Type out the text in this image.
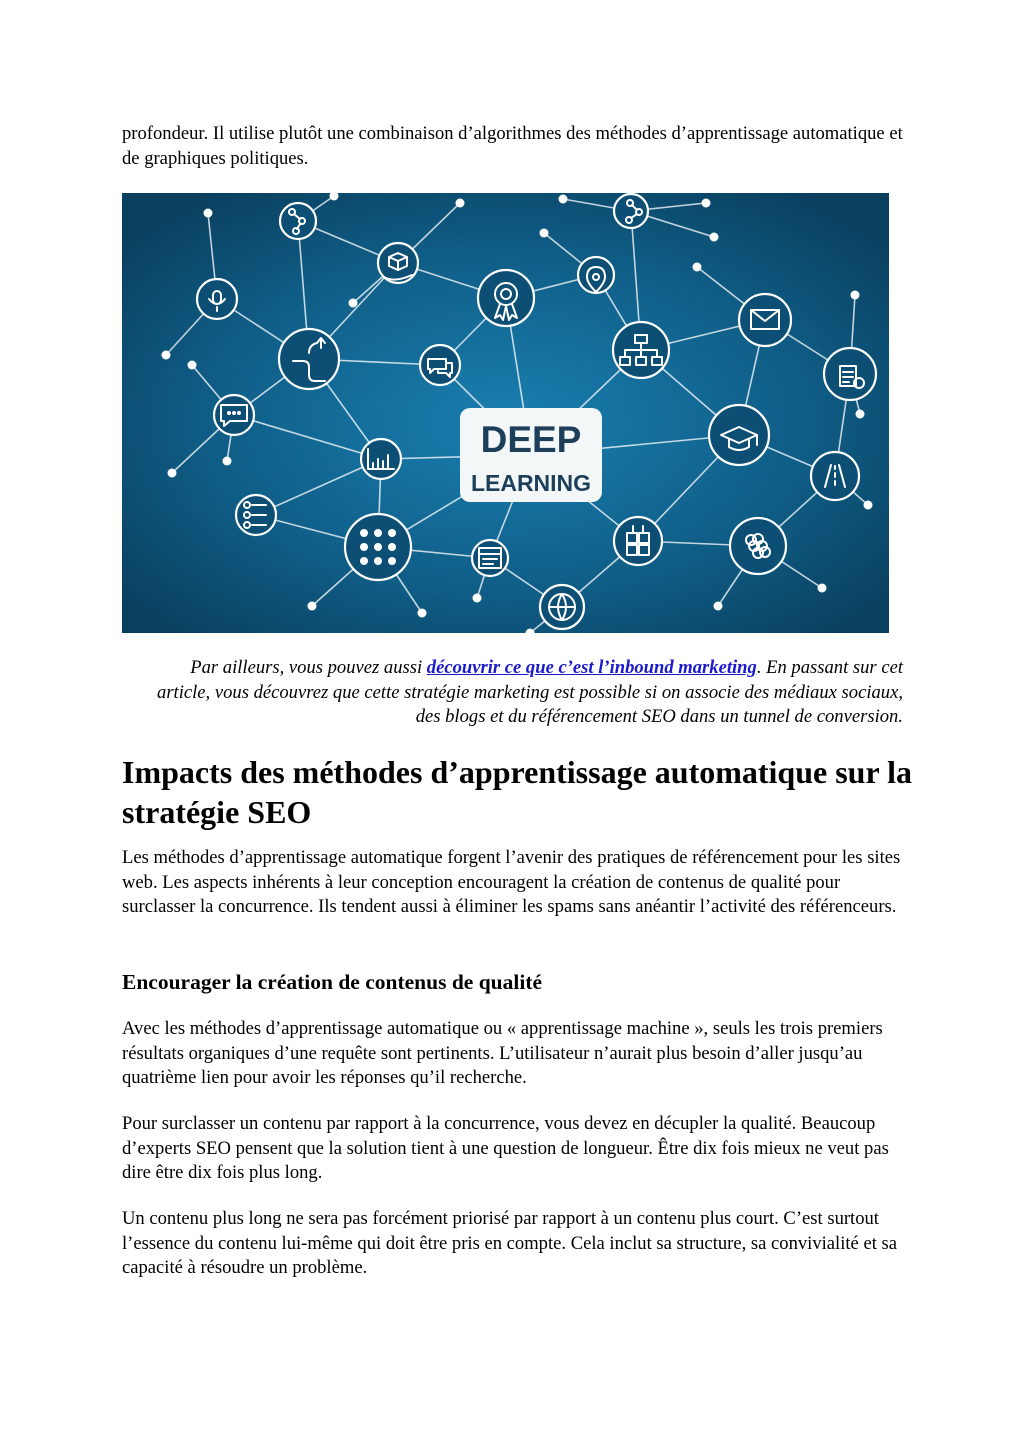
profondeur. Il utilise plutôt une combinaison d’algorithmes des méthodes d’apprentissage automatique et de graphiques politiques.

DEEP
LEARNING

Par ailleurs, vous pouvez aussi découvrir ce que c’est l’inbound marketing. En passant sur cet article, vous découvrez que cette stratégie marketing est possible si on associe des médiaux sociaux, des blogs et du référencement SEO dans un tunnel de conversion.

Impacts des méthodes d’apprentissage automatique sur la stratégie SEO

Les méthodes d’apprentissage automatique forgent l’avenir des pratiques de référencement pour les sites web. Les aspects inhérents à leur conception encouragent la création de contenus de qualité pour surclasser la concurrence. Ils tendent aussi à éliminer les spams sans anéantir l’activité des référenceurs.

Encourager la création de contenus de qualité

Avec les méthodes d’apprentissage automatique ou « apprentissage machine », seuls les trois premiers résultats organiques d’une requête sont pertinents. L’utilisateur n’aurait plus besoin d’aller jusqu’au quatrième lien pour avoir les réponses qu’il recherche.

Pour surclasser un contenu par rapport à la concurrence, vous devez en décupler la qualité. Beaucoup d’experts SEO pensent que la solution tient à une question de longueur. Être dix fois mieux ne veut pas dire être dix fois plus long.

Un contenu plus long ne sera pas forcément priorisé par rapport à un contenu plus court. C’est surtout l’essence du contenu lui-même qui doit être pris en compte. Cela inclut sa structure, sa convivialité et sa capacité à résoudre un problème.
